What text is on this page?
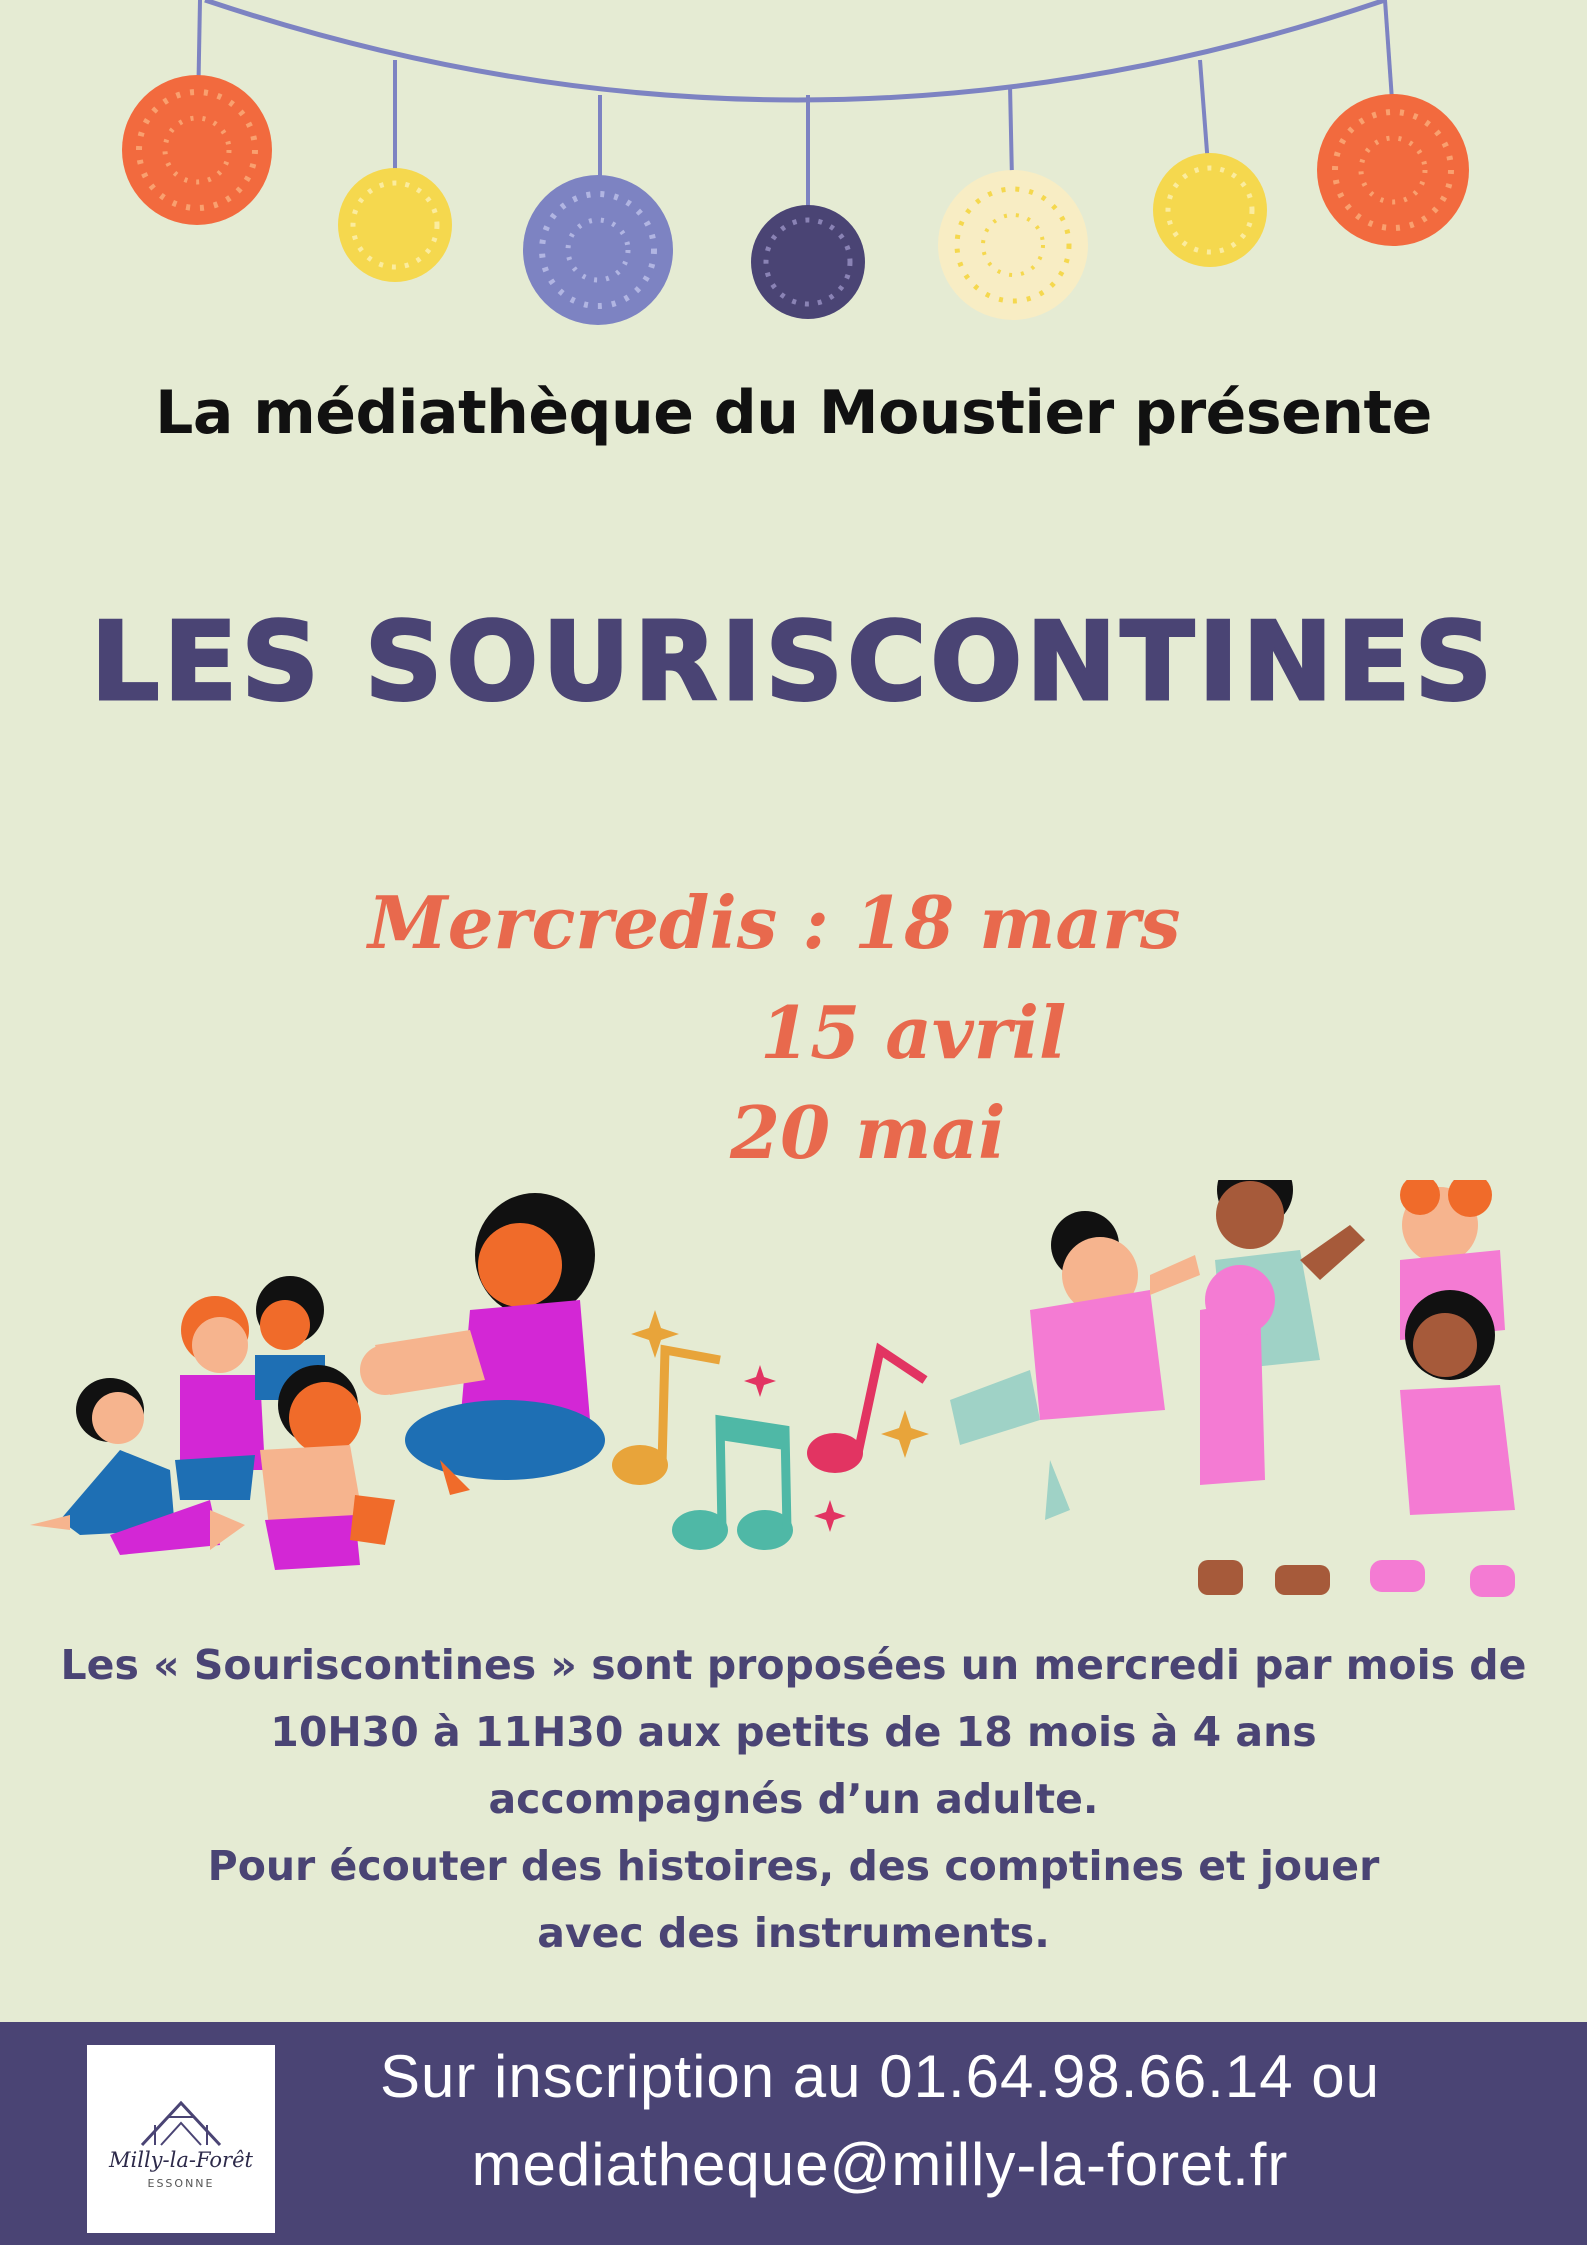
La médiathèque du Moustier présente
LES SOURISCONTINES
Mercredis : 18 mars
15 avril
20 mai
Les « Souriscontines » sont proposées un mercredi par mois de
10H30 à 11H30 aux petits de 18 mois à 4 ans
accompagnés d’un adulte.
Pour écouter des histoires, des comptines et jouer
avec des instruments.
Milly-la-Forêt
ESSONNE
Sur inscription au 01.64.98.66.14 ou
mediatheque@milly-la-foret.fr
